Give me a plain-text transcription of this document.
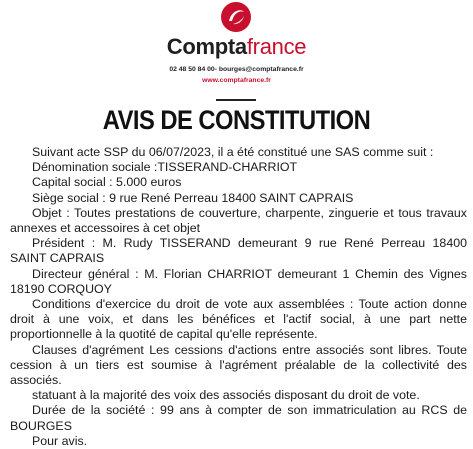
Comptafrance
02 48 50 84 00- bourges@comptafrance.fr
www.comptafrance.fr
AVIS DE CONSTITUTION

Suivant acte SSP du 06/07/2023, il a été constitué une SAS comme suit :

Dénomination sociale :TISSERAND-CHARRIOT

Capital social : 5.000 euros

Siège social : 9 rue René Perreau 18400 SAINT CAPRAIS

Objet : Toutes prestations de couverture, charpente, zinguerie et tous travaux annexes et accessoires à cet objet

Président : M. Rudy TISSERAND demeurant 9 rue René Perreau 18400 SAINT CAPRAIS

Directeur général : M. Florian CHARRIOT demeurant 1 Chemin des Vignes 18190 CORQUOY

Conditions d'exercice du droit de vote aux assemblées : Toute action donne droit à une voix, et dans les bénéfices et l'actif social, à une part nette proportionnelle à la quotité de capital qu'elle représente.

Clauses d'agrément Les cessions d'actions entre associés sont libres. Toute cession à un tiers est soumise à l'agrément préalable de la collectivité des associés.

statuant à la majorité des voix des associés disposant du droit de vote.

Durée de la société : 99 ans à compter de son immatriculation au RCS de BOURGES

Pour avis.
